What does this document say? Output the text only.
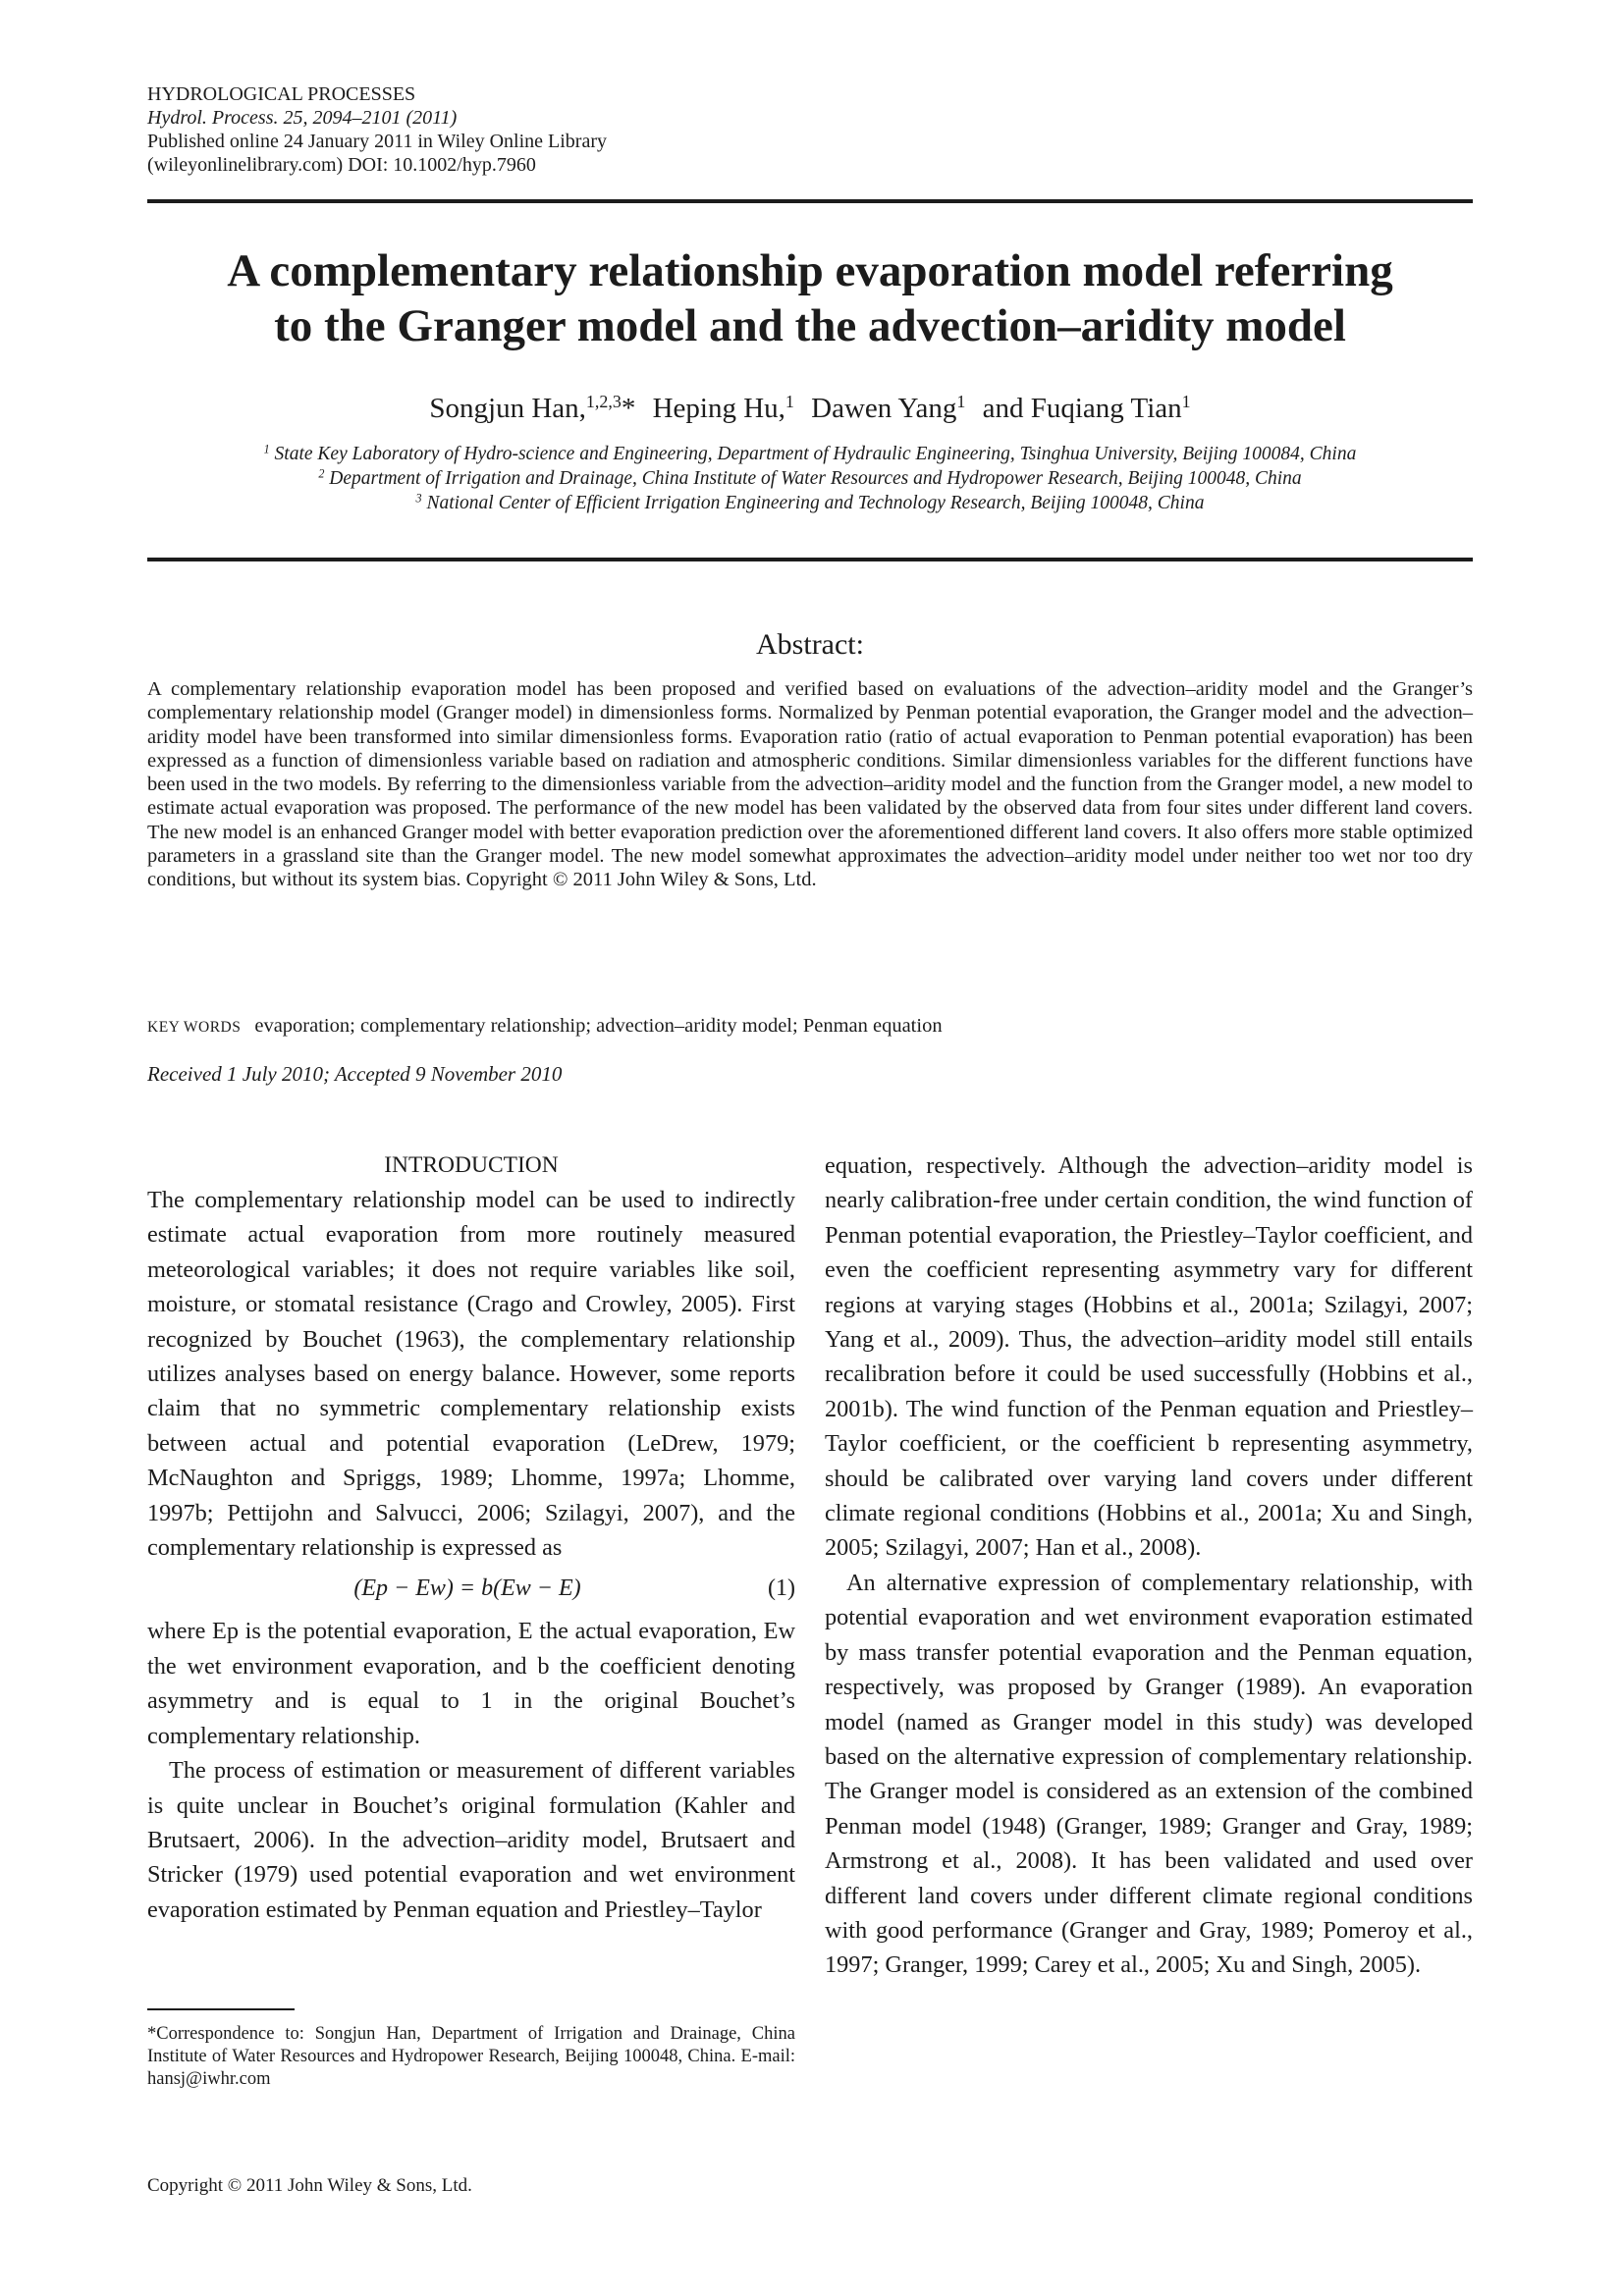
HYDROLOGICAL PROCESSES
Hydrol. Process. 25, 2094–2101 (2011)
Published online 24 January 2011 in Wiley Online Library
(wileyonlinelibrary.com) DOI: 10.1002/hyp.7960
A complementary relationship evaporation model referring
to the Granger model and the advection–aridity model
Songjun Han,$^{1,2,3}$* Heping Hu,$^1$ Dawen Yang$^1$ and Fuqiang Tian$^1$
$^1$ State Key Laboratory of Hydro-science and Engineering, Department of Hydraulic Engineering, Tsinghua University, Beijing 100084, China
$^2$ Department of Irrigation and Drainage, China Institute of Water Resources and Hydropower Research, Beijing 100048, China
$^3$ National Center of Efficient Irrigation Engineering and Technology Research, Beijing 100048, China
Abstract:
A complementary relationship evaporation model has been proposed and verified based on evaluations of the advection–aridity model and the Granger’s complementary relationship model (Granger model) in dimensionless forms. Normalized by Penman potential evaporation, the Granger model and the advection–aridity model have been transformed into similar dimensionless forms. Evaporation ratio (ratio of actual evaporation to Penman potential evaporation) has been expressed as a function of dimensionless variable based on radiation and atmospheric conditions. Similar dimensionless variables for the different functions have been used in the two models. By referring to the dimensionless variable from the advection–aridity model and the function from the Granger model, a new model to estimate actual evaporation was proposed. The performance of the new model has been validated by the observed data from four sites under different land covers. The new model is an enhanced Granger model with better evaporation prediction over the aforementioned different land covers. It also offers more stable optimized parameters in a grassland site than the Granger model. The new model somewhat approximates the advection–aridity model under neither too wet nor too dry conditions, but without its system bias. Copyright © 2011 John Wiley & Sons, Ltd.
KEY WORDS evaporation; complementary relationship; advection–aridity model; Penman equation
Received 1 July 2010; Accepted 9 November 2010

INTRODUCTION

The complementary relationship model can be used to indirectly estimate actual evaporation from more routinely measured meteorological variables; it does not require variables like soil, moisture, or stomatal resistance (Crago and Crowley, 2005). First recognized by Bouchet (1963), the complementary relationship utilizes analyses based on energy balance. However, some reports claim that no symmetric complementary relationship exists between actual and potential evaporation (LeDrew, 1979; McNaughton and Spriggs, 1989; Lhomme, 1997a; Lhomme, 1997b; Pettijohn and Salvucci, 2006; Szilagyi, 2007), and the complementary relationship is expressed as

(Ep − Ew) = b(Ew − E)	(1)

where Ep is the potential evaporation, E the actual evaporation, Ew the wet environment evaporation, and b the coefficient denoting asymmetry and is equal to 1 in the original Bouchet’s complementary relationship.

The process of estimation or measurement of different variables is quite unclear in Bouchet’s original formulation (Kahler and Brutsaert, 2006). In the advection–aridity model, Brutsaert and Stricker (1979) used potential evaporation and wet environment evaporation estimated by Penman equation and Priestley–Taylor

equation, respectively. Although the advection–aridity model is nearly calibration-free under certain condition, the wind function of Penman potential evaporation, the Priestley–Taylor coefficient, and even the coefficient representing asymmetry vary for different regions at varying stages (Hobbins et al., 2001a; Szilagyi, 2007; Yang et al., 2009). Thus, the advection–aridity model still entails recalibration before it could be used successfully (Hobbins et al., 2001b). The wind function of the Penman equation and Priestley–Taylor coefficient, or the coefficient b representing asymmetry, should be calibrated over varying land covers under different climate regional conditions (Hobbins et al., 2001a; Xu and Singh, 2005; Szilagyi, 2007; Han et al., 2008).

An alternative expression of complementary relationship, with potential evaporation and wet environment evaporation estimated by mass transfer potential evaporation and the Penman equation, respectively, was proposed by Granger (1989). An evaporation model (named as Granger model in this study) was developed based on the alternative expression of complementary relationship. The Granger model is considered as an extension of the combined Penman model (1948) (Granger, 1989; Granger and Gray, 1989; Armstrong et al., 2008). It has been validated and used over different land covers under different climate regional conditions with good performance (Granger and Gray, 1989; Pomeroy et al., 1997; Granger, 1999; Carey et al., 2005; Xu and Singh, 2005).

*Correspondence to: Songjun Han, Department of Irrigation and Drainage, China Institute of Water Resources and Hydropower Research, Beijing 100048, China. E-mail: hansj@iwhr.com
Copyright © 2011 John Wiley & Sons, Ltd.
